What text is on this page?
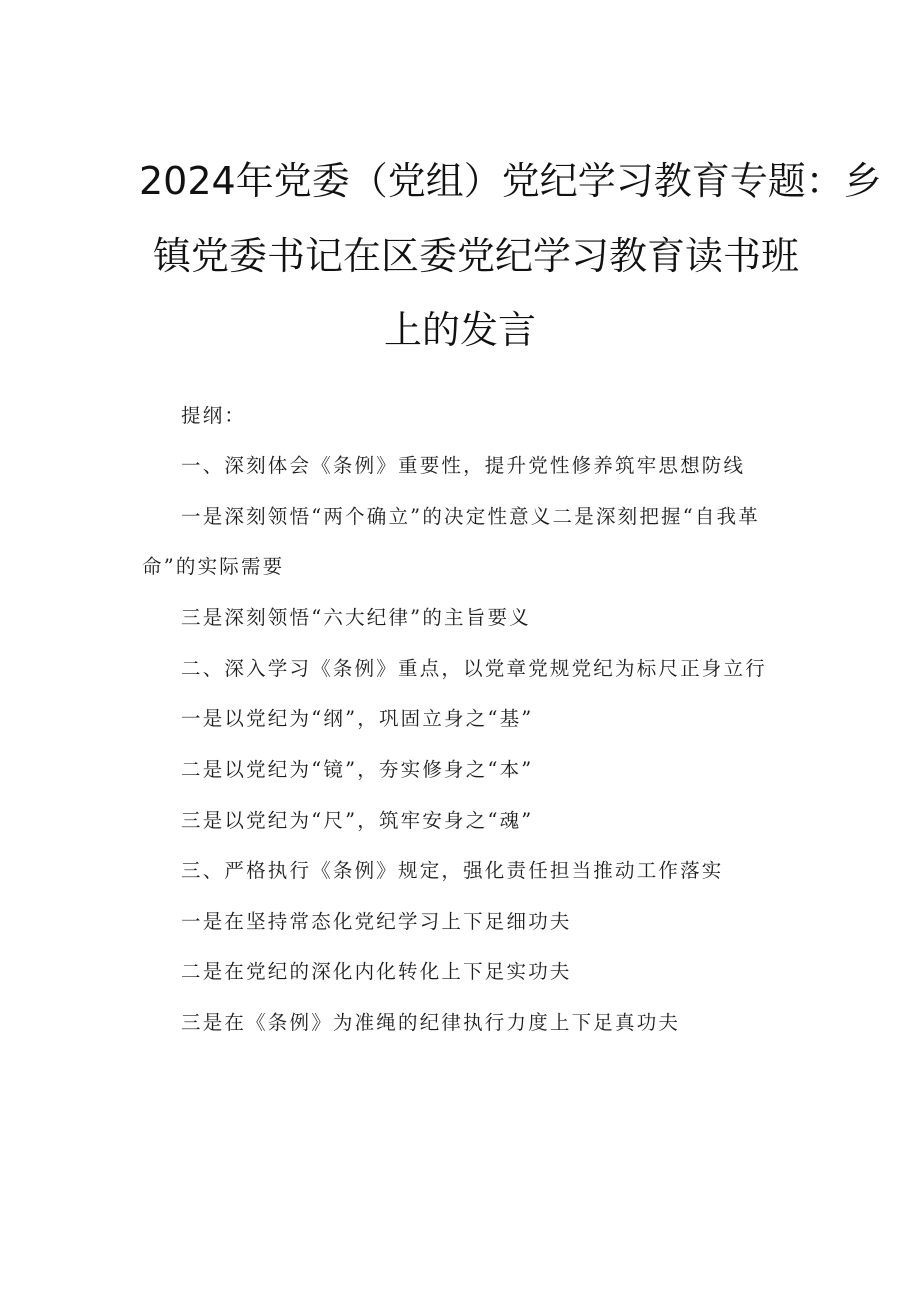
2024年党委（党组）党纪学习教育专题：乡
镇党委书记在区委党纪学习教育读书班
上的发言
提纲：
一、深刻体会《条例》重要性，提升党性修养筑牢思想防线
一是深刻领悟“两个确立”的决定性意义二是深刻把握“自我革
命”的实际需要
三是深刻领悟“六大纪律”的主旨要义
二、深入学习《条例》重点，以党章党规党纪为标尺正身立行
一是以党纪为“纲”，巩固立身之“基”
二是以党纪为“镜”，夯实修身之“本”
三是以党纪为“尺”，筑牢安身之“魂”
三、严格执行《条例》规定，强化责任担当推动工作落实
一是在坚持常态化党纪学习上下足细功夫
二是在党纪的深化内化转化上下足实功夫
三是在《条例》为准绳的纪律执行力度上下足真功夫
